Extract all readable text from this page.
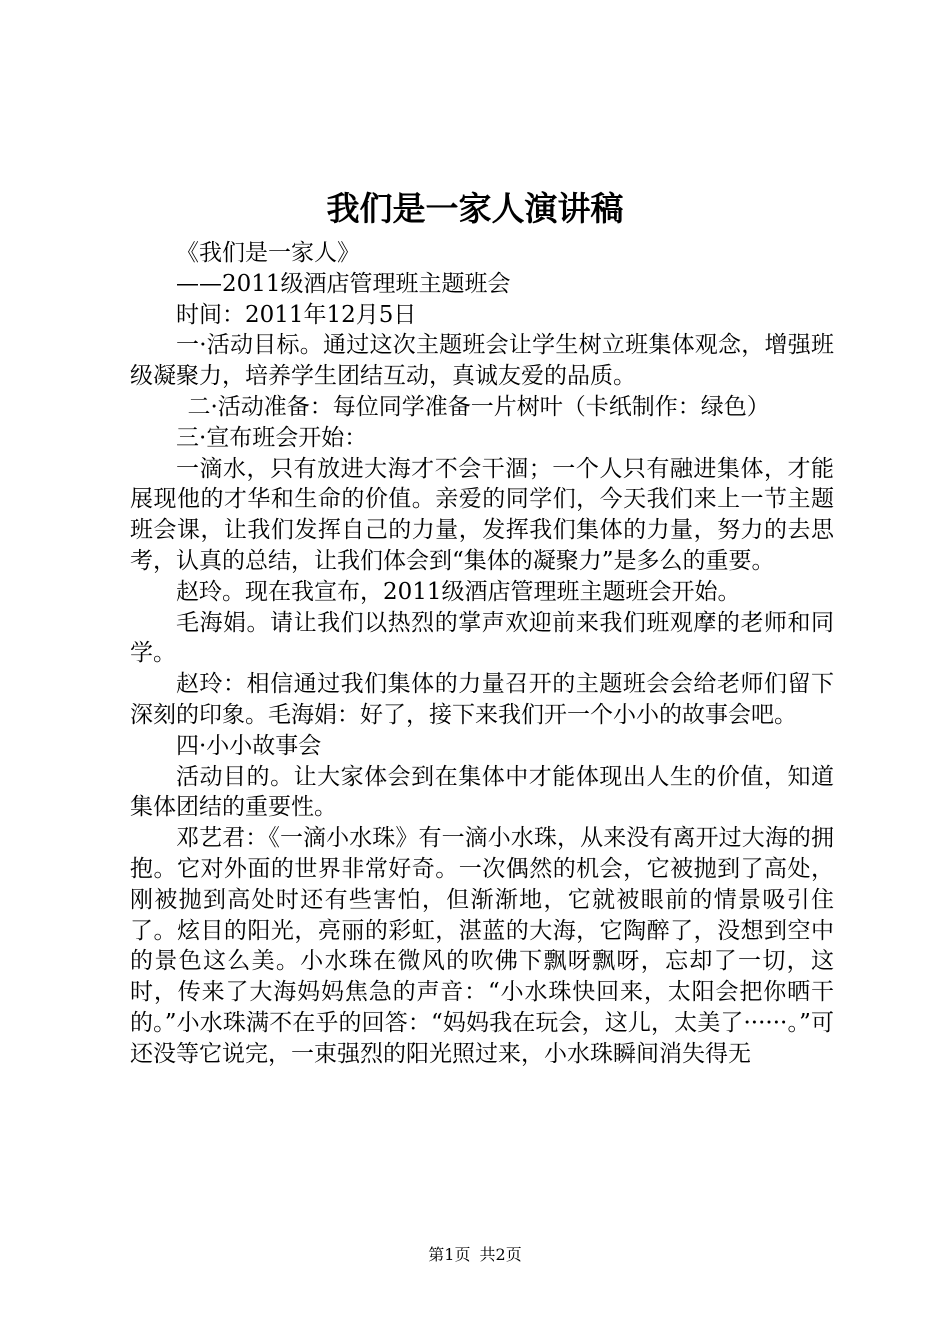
我们是一家人演讲稿

《我们是一家人》

——2011级酒店管理班主题班会

时间：2011年12月5日

一·活动目标。通过这次主题班会让学生树立班集体观念，增强班级凝聚力，培养学生团结互动，真诚友爱的品质。

二·活动准备：每位同学准备一片树叶（卡纸制作：绿色）

三·宣布班会开始：

一滴水，只有放进大海才不会干涸；一个人只有融进集体，才能展现他的才华和生命的价值。亲爱的同学们，今天我们来上一节主题班会课，让我们发挥自己的力量，发挥我们集体的力量，努力的去思考，认真的总结，让我们体会到“集体的凝聚力”是多么的重要。

赵玲。现在我宣布，2011级酒店管理班主题班会开始。

毛海娟。请让我们以热烈的掌声欢迎前来我们班观摩的老师和同学。

赵玲：相信通过我们集体的力量召开的主题班会会给老师们留下深刻的印象。毛海娟：好了，接下来我们开一个小小的故事会吧。

四·小小故事会

活动目的。让大家体会到在集体中才能体现出人生的价值，知道集体团结的重要性。

邓艺君：《一滴小水珠》有一滴小水珠，从来没有离开过大海的拥抱。它对外面的世界非常好奇。一次偶然的机会，它被抛到了高处，刚被抛到高处时还有些害怕，但渐渐地，它就被眼前的情景吸引住了。炫目的阳光，亮丽的彩虹，湛蓝的大海，它陶醉了，没想到空中的景色这么美。小水珠在微风的吹佛下飘呀飘呀，忘却了一切，这时，传来了大海妈妈焦急的声音：“小水珠快回来，太阳会把你晒干的。”小水珠满不在乎的回答：“妈妈我在玩会，这儿，太美了······。”可还没等它说完，一束强烈的阳光照过来，小水珠瞬间消失得无

第1页 共2页
